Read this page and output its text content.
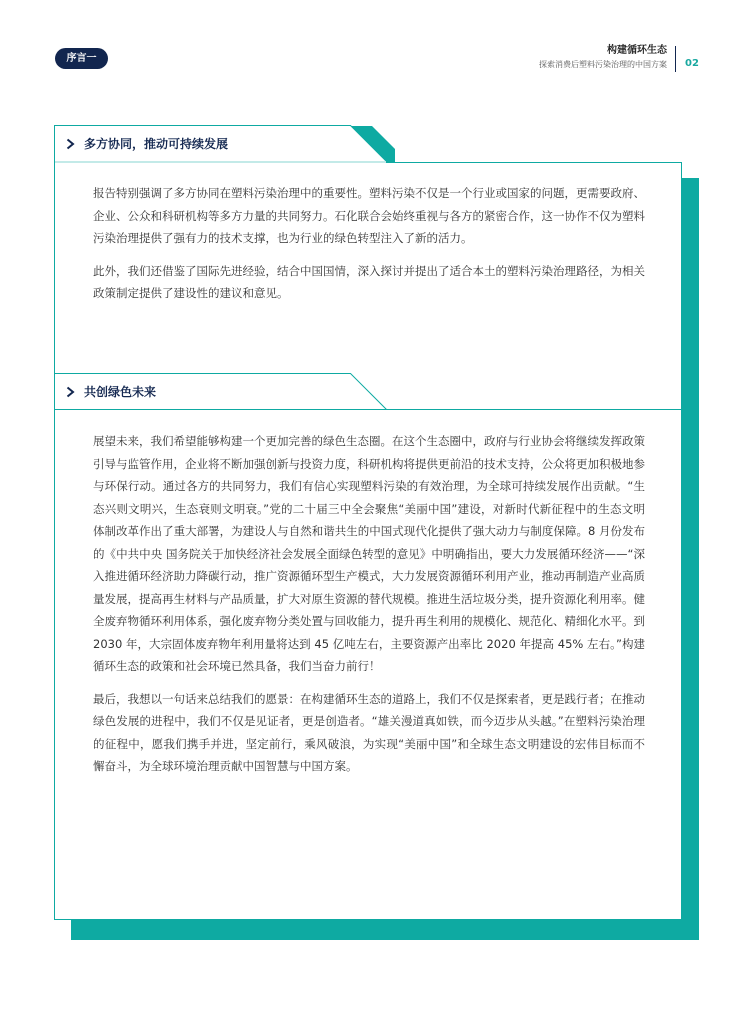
序言一
构建循环生态
探索消费后塑料污染治理的中国方案 02
多方协同，推动可持续发展

报告特别强调了多方协同在塑料污染治理中的重要性。塑料污染不仅是一个行业或国家的问题，更需要政府、企业、公众和科研机构等多方力量的共同努力。石化联合会始终重视与各方的紧密合作，这一协作不仅为塑料污染治理提供了强有力的技术支撑，也为行业的绿色转型注入了新的活力。

此外，我们还借鉴了国际先进经验，结合中国国情，深入探讨并提出了适合本土的塑料污染治理路径，为相关政策制定提供了建设性的建议和意见。

共创绿色未来

展望未来，我们希望能够构建一个更加完善的绿色生态圈。在这个生态圈中，政府与行业协会将继续发挥政策引导与监管作用，企业将不断加强创新与投资力度，科研机构将提供更前沿的技术支持，公众将更加积极地参与环保行动。通过各方的共同努力，我们有信心实现塑料污染的有效治理，为全球可持续发展作出贡献。“生态兴则文明兴，生态衰则文明衰。”党的二十届三中全会聚焦“美丽中国”建设，对新时代新征程中的生态文明体制改革作出了重大部署，为建设人与自然和谐共生的中国式现代化提供了强大动力与制度保障。8 月份发布的《中共中央 国务院关于加快经济社会发展全面绿色转型的意见》中明确指出，要大力发展循环经济——“深入推进循环经济助力降碳行动，推广资源循环型生产模式，大力发展资源循环利用产业，推动再制造产业高质量发展，提高再生材料与产品质量，扩大对原生资源的替代规模。推进生活垃圾分类，提升资源化利用率。健全废弃物循环利用体系，强化废弃物分类处置与回收能力，提升再生利用的规模化、规范化、精细化水平。到 2030 年，大宗固体废弃物年利用量将达到 45 亿吨左右，主要资源产出率比 2020 年提高 45% 左右。”构建循环生态的政策和社会环境已然具备，我们当奋力前行！

最后，我想以一句话来总结我们的愿景：在构建循环生态的道路上，我们不仅是探索者，更是践行者；在推动绿色发展的进程中，我们不仅是见证者，更是创造者。“雄关漫道真如铁，而今迈步从头越。”在塑料污染治理的征程中，愿我们携手并进，坚定前行，乘风破浪，为实现“美丽中国”和全球生态文明建设的宏伟目标而不懈奋斗，为全球环境治理贡献中国智慧与中国方案。
